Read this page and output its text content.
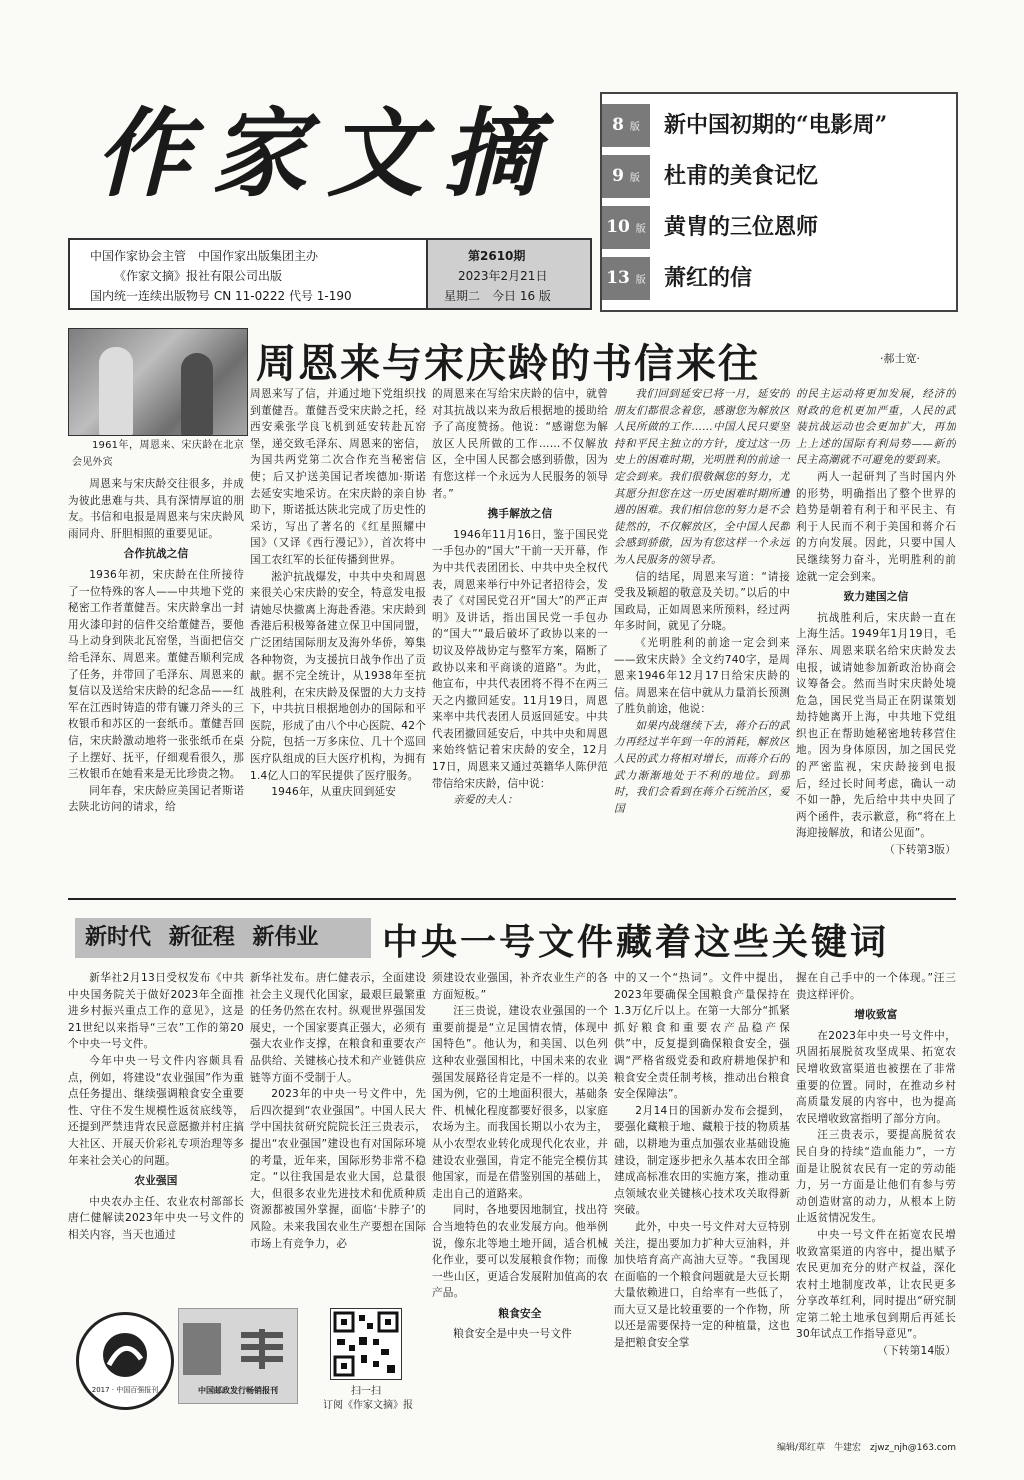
作家文摘
中国作家协会主管　中国作家出版集团主办
《作家文摘》报社有限公司出版
国内统一连续出版物号 CN 11-0222 代号 1-190
第2610期
2023年2月21日
星期二　今日 16 版
8 版	新中国初期的“电影周”
9 版	杜甫的美食记忆
10 版 黄胄的三位恩师
13 版 萧红的信
1961年，周恩来、宋庆龄在北京会见外宾
周恩来与宋庆龄的书信来往	·郝士宽·

周恩来与宋庆龄交往很多，并成为彼此患难与共、具有深情厚谊的朋友。书信和电报是周恩来与宋庆龄风雨同舟、肝胆相照的重要见证。

合作抗战之信

1936年初，宋庆龄在住所接待了一位特殊的客人——中共地下党的秘密工作者董健吾。宋庆龄拿出一封用火漆印封的信件交给董健吾，要他马上动身到陕北瓦窑堡，当面把信交给毛泽东、周恩来。董健吾顺利完成了任务，并带回了毛泽东、周恩来的复信以及送给宋庆龄的纪念品——红军在江西时铸造的带有镰刀斧头的三枚银币和苏区的一套纸币。董健吾回信，宋庆龄激动地将一张张纸币在桌子上摆好、抚平，仔细观看很久，那三枚银币在她看来是无比珍贵之物。

同年春，宋庆龄应美国记者斯诺去陕北访问的请求，给

周恩来写了信，并通过地下党组织找到董健吾。董健吾受宋庆龄之托，经西安乘张学良飞机到延安转赴瓦窑堡，递交致毛泽东、周恩来的密信，为国共两党第二次合作充当秘密信使；后又护送美国记者埃德加·斯诺去延安实地采访。在宋庆龄的亲自协助下，斯诺抵达陕北完成了历史性的采访，写出了著名的《红星照耀中国》（又译《西行漫记》），首次将中国工农红军的长征传播到世界。

淞沪抗战爆发，中共中央和周恩来很关心宋庆龄的安全，特意发电报请她尽快撤离上海赴香港。宋庆龄到香港后积极筹备建立保卫中国同盟，广泛团结国际朋友及海外华侨，筹集各种物资，为支援抗日战争作出了贡献。据不完全统计，从1938年至抗战胜利，在宋庆龄及保盟的大力支持下，中共抗日根据地创办的国际和平医院，形成了由八个中心医院、42个分院，包括一万多床位、几十个巡回医疗队组成的巨大医疗机构，为拥有1.4亿人口的军民提供了医疗服务。

1946年，从重庆回到延安

的周恩来在写给宋庆龄的信中，就曾对其抗战以来为敌后根据地的援助给予了高度赞扬。他说：“感谢您为解放区人民所做的工作……不仅解放区，全中国人民都会感到骄傲，因为有您这样一个永远为人民服务的领导者。”

携手解放之信

1946年11月16日，鉴于国民党一手包办的“国大”干前一天开幕，作为中共代表团团长、中共中央全权代表，周恩来举行中外记者招待会，发表了《对国民党召开“国大”的严正声明》及讲话，指出国民党一手包办的“国大”“最后破坏了政协以来的一切议及停战协定与整军方案，隔断了政协以来和平商谈的道路”。为此，他宣布，中共代表团将不得不在两三天之内撤回延安。11月19日，周恩来率中共代表团人员返回延安。中共代表团撤回延安后，中共中央和周恩来始终惦记着宋庆龄的安全，12月17日，周恩来又通过英籍华人陈伊范带信给宋庆龄，信中说：

亲爱的夫人：

我们回到延安已将一月，延安的朋友们都很念着您，感谢您为解放区人民所做的工作……中国人民只要坚持和平民主独立的方针，度过这一历史上的困难时期，光明胜利的前途一定会到来。我们很敬佩您的努力，尤其愿分担您在这一历史困难时期所遭遇的困难。我们相信您的努力是不会徒然的，不仅解放区，全中国人民都会感到骄傲，因为有您这样一个永远为人民服务的领导者。

信的结尾，周恩来写道：“请接受我及颖超的敬意及关切。”以后的中国政局，正如周恩来所预料，经过两年多时间，就见了分晓。

《光明胜利的前途一定会到来——致宋庆龄》全文约740字，是周恩来1946年12月17日给宋庆龄的信。周恩来在信中就从力量消长预测了胜负前途，他说：

如果内战继续下去，蒋介石的武力再经过半年到一年的消耗，解放区人民的武力将相对增长，而蒋介石的武力渐渐地处于不利的地位。到那时，我们会看到在蒋介石统治区，爱国

的民主运动将更加发展，经济的财政的危机更加严重，人民的武装抗战运动也会更加扩大，再加上上述的国际有利局势——新的民主高潮就不可避免的要到来。

两人一起研判了当时国内外的形势，明确指出了整个世界的趋势是朝着有利于和平民主、有利于人民而不利于美国和蒋介石的方向发展。因此，只要中国人民继续努力奋斗，光明胜利的前途就一定会到来。

致力建国之信

抗战胜利后，宋庆龄一直在上海生活。1949年1月19日，毛泽东、周恩来联名给宋庆龄发去电报，诚请她参加新政治协商会议筹备会。然而当时宋庆龄处境危急，国民党当局正在阴谋策划劫持她离开上海，中共地下党组织也正在帮助她秘密地转移营住地。因为身体原因，加之国民党的严密监视，宋庆龄接到电报后，经过长时间考虑，确认一动不如一静，先后给中共中央回了两个函件，表示歉意，称“将在上海迎接解放，和诸公见面”。

（下转第3版）

新时代 新征程 新伟业	中央一号文件藏着这些关键词

新华社2月13日受权发布《中共中央国务院关于做好2023年全面推进乡村振兴重点工作的意见》，这是21世纪以来指导“三农”工作的第20个中央一号文件。

今年中央一号文件内容颇具看点，例如，将建设“农业强国”作为重点任务提出、继续强调粮食安全重要性、守住不发生规模性返贫底线等，还提到严禁违背农民意愿撤并村庄搞大社区、开展天价彩礼专项治理等多年来社会关心的问题。

农业强国

中央农办主任、农业农村部部长唐仁健解读2023年中央一号文件的相关内容，当天也通过

新华社发布。唐仁健表示，全面建设社会主义现代化国家，最艰巨最繁重的任务仍然在农村。纵观世界强国发展史，一个国家要真正强大，必须有强大农业作支撑，在粮食和重要农产品供给、关键核心技术和产业链供应链等方面不受制于人。

2023年的中央一号文件中，先后四次提到“农业强国”。中国人民大学中国扶贫研究院院长汪三贵表示，提出“农业强国”建设也有对国际环境的考量，近年来，国际形势非常不稳定。“以往我国是农业大国，总量很大，但很多农业先进技术和优质种质资源都被国外掌握，面临‘卡脖子’的风险。未来我国农业生产要想在国际市场上有竞争力，必

须建设农业强国，补齐农业生产的各方面短板。”

汪三贵说，建设农业强国的一个重要前提是“立足国情农情，体现中国特色”。他认为，和美国、以色列这种农业强国相比，中国未来的农业强国发展路径肯定是不一样的。以美国为例，它的土地面积很大，基础条件、机械化程度都要好很多，以家庭农场为主。而我国长期以小农为主，从小农型农业转化成现代化农业，并建设农业强国，肯定不能完全模仿其他国家，而是在借鉴别国的基础上，走出自己的道路来。

同时，各地要因地制宜，找出符合当地特色的农业发展方向。他举例说，像东北等地土地开阔，适合机械化作业，要可以发展粮食作物；而像一些山区，更适合发展附加值高的农产品。

粮食安全

粮食安全是中央一号文件

中的又一个“热词”。文件中提出，2023年要确保全国粮食产量保持在1.3万亿斤以上。在第一大部分“抓紧抓好粮食和重要农产品稳产保供”中，反复提到确保粮食安全，强调“严格省级党委和政府耕地保护和粮食安全责任制考核，推动出台粮食安全保障法”。

2月14日的国新办发布会提到，要强化藏粮于地、藏粮于技的物质基础，以耕地为重点加强农业基础设施建设，制定逐步把永久基本农田全部建成高标准农田的实施方案，推动重点领域农业关键核心技术攻关取得新突破。

此外，中央一号文件对大豆特别关注，提出要加力扩种大豆油料，并加快培育高产高油大豆等。“我国现在面临的一个粮食问题就是大豆长期大量依赖进口，自给率有一些低了，而大豆又是比较重要的一个作物，所以还是需要保持一定的种植量，这也是把粮食安全掌

握在自己手中的一个体现。”汪三贵这样评价。

增收致富

在2023年中央一号文件中，巩固拓展脱贫攻坚成果、拓宽农民增收致富渠道也被摆在了非常重要的位置。同时，在推动乡村高质量发展的内容中，也为提高农民增收致富指明了部分方向。

汪三贵表示，要提高脱贫农民自身的持续“造血能力”，一方面是让脱贫农民有一定的劳动能力，另一方面是让他们有参与劳动创造财富的动力，从根本上防止返贫情况发生。

中央一号文件在拓宽农民增收致富渠道的内容中，提出赋予农民更加充分的财产权益，深化农村土地制度改革，让农民更多分享改革红利，同时提出“研究制定第二轮土地承包到期后再延长30年试点工作指导意见”。

（下转第14版）

2017 · 中国百强报刊	中国邮政发行畅销报刊	扫一扫
订阅《作家文摘》报
编辑/郑红草　牛建宏　zjwz_njh@163.com
